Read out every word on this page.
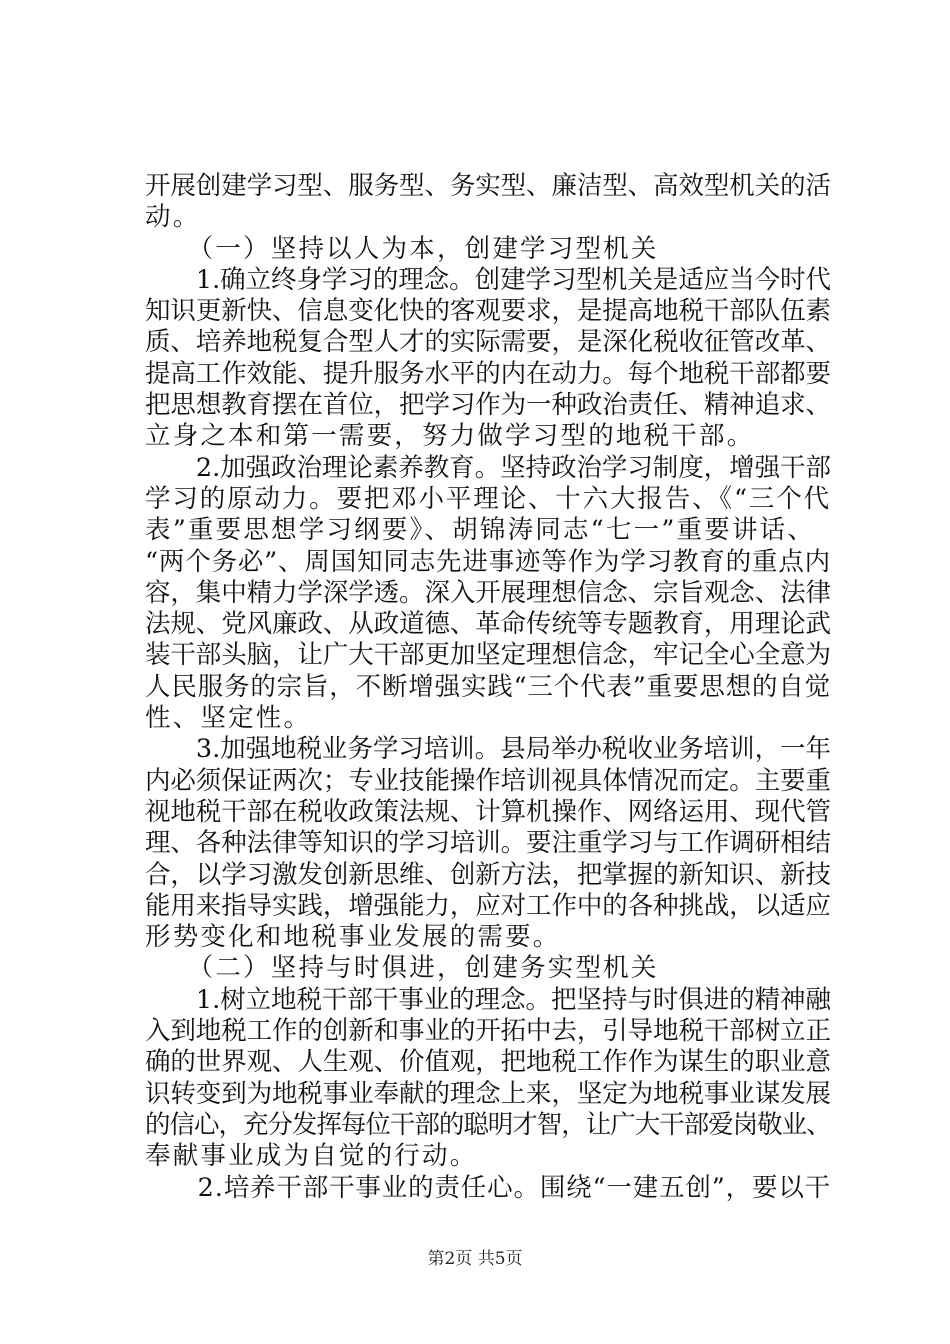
开展创建学习型、服务型、务实型、廉洁型、高效型机关的活
动。
　　（一）坚持以人为本，创建学习型机关
　　1.确立终身学习的理念。创建学习型机关是适应当今时代
知识更新快、信息变化快的客观要求，是提高地税干部队伍素
质、培养地税复合型人才的实际需要，是深化税收征管改革、
提高工作效能、提升服务水平的内在动力。每个地税干部都要
把思想教育摆在首位，把学习作为一种政治责任、精神追求、
立身之本和第一需要，努力做学习型的地税干部。
　　2.加强政治理论素养教育。坚持政治学习制度，增强干部
学习的原动力。要把邓小平理论、十六大报告、《“三个代
表”重要思想学习纲要》、胡锦涛同志“七一”重要讲话、
“两个务必”、周国知同志先进事迹等作为学习教育的重点内
容，集中精力学深学透。深入开展理想信念、宗旨观念、法律
法规、党风廉政、从政道德、革命传统等专题教育，用理论武
装干部头脑，让广大干部更加坚定理想信念，牢记全心全意为
人民服务的宗旨，不断增强实践“三个代表”重要思想的自觉
性、坚定性。
　　3.加强地税业务学习培训。县局举办税收业务培训，一年
内必须保证两次；专业技能操作培训视具体情况而定。主要重
视地税干部在税收政策法规、计算机操作、网络运用、现代管
理、各种法律等知识的学习培训。要注重学习与工作调研相结
合，以学习激发创新思维、创新方法，把掌握的新知识、新技
能用来指导实践，增强能力，应对工作中的各种挑战，以适应
形势变化和地税事业发展的需要。
　　（二）坚持与时俱进，创建务实型机关
　　1.树立地税干部干事业的理念。把坚持与时俱进的精神融
入到地税工作的创新和事业的开拓中去，引导地税干部树立正
确的世界观、人生观、价值观，把地税工作作为谋生的职业意
识转变到为地税事业奉献的理念上来，坚定为地税事业谋发展
的信心，充分发挥每位干部的聪明才智，让广大干部爱岗敬业、
奉献事业成为自觉的行动。
　　2.培养干部干事业的责任心。围绕“一建五创”，要以干
第2页 共5页
